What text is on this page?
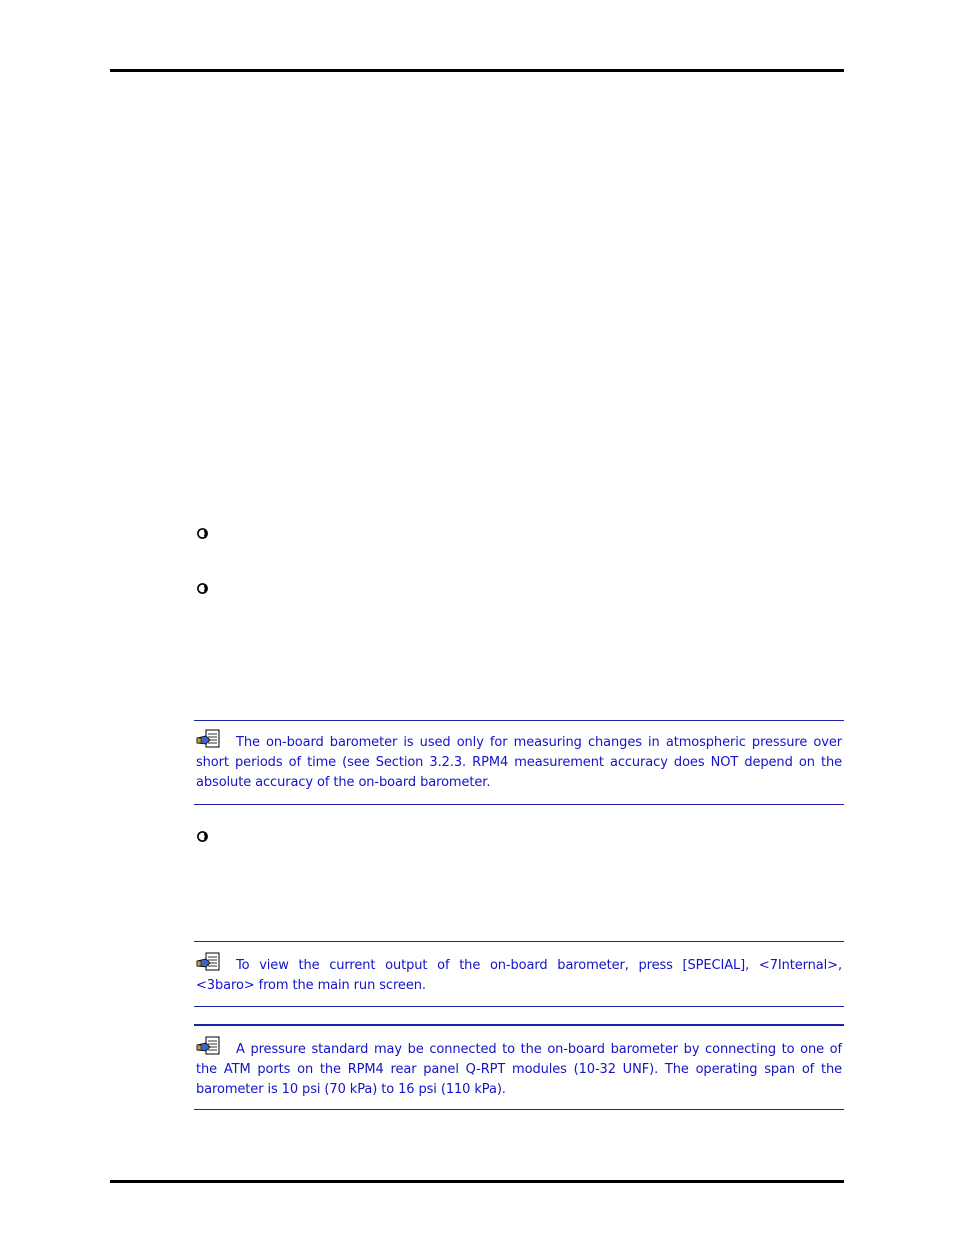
The on-board barometer is used only for measuring changes in atmospheric pressure over short periods of time (see Section 3.2.3. RPM4 measurement accuracy does NOT depend on the absolute accuracy of the on-board barometer.

To view the current output of the on-board barometer, press [SPECIAL], <7Internal>, <3baro> from the main run screen.

A pressure standard may be connected to the on-board barometer by connecting to one of the ATM ports on the RPM4 rear panel Q-RPT modules (10-32 UNF). The operating span of the barometer is 10 psi (70 kPa) to 16 psi (110 kPa).
